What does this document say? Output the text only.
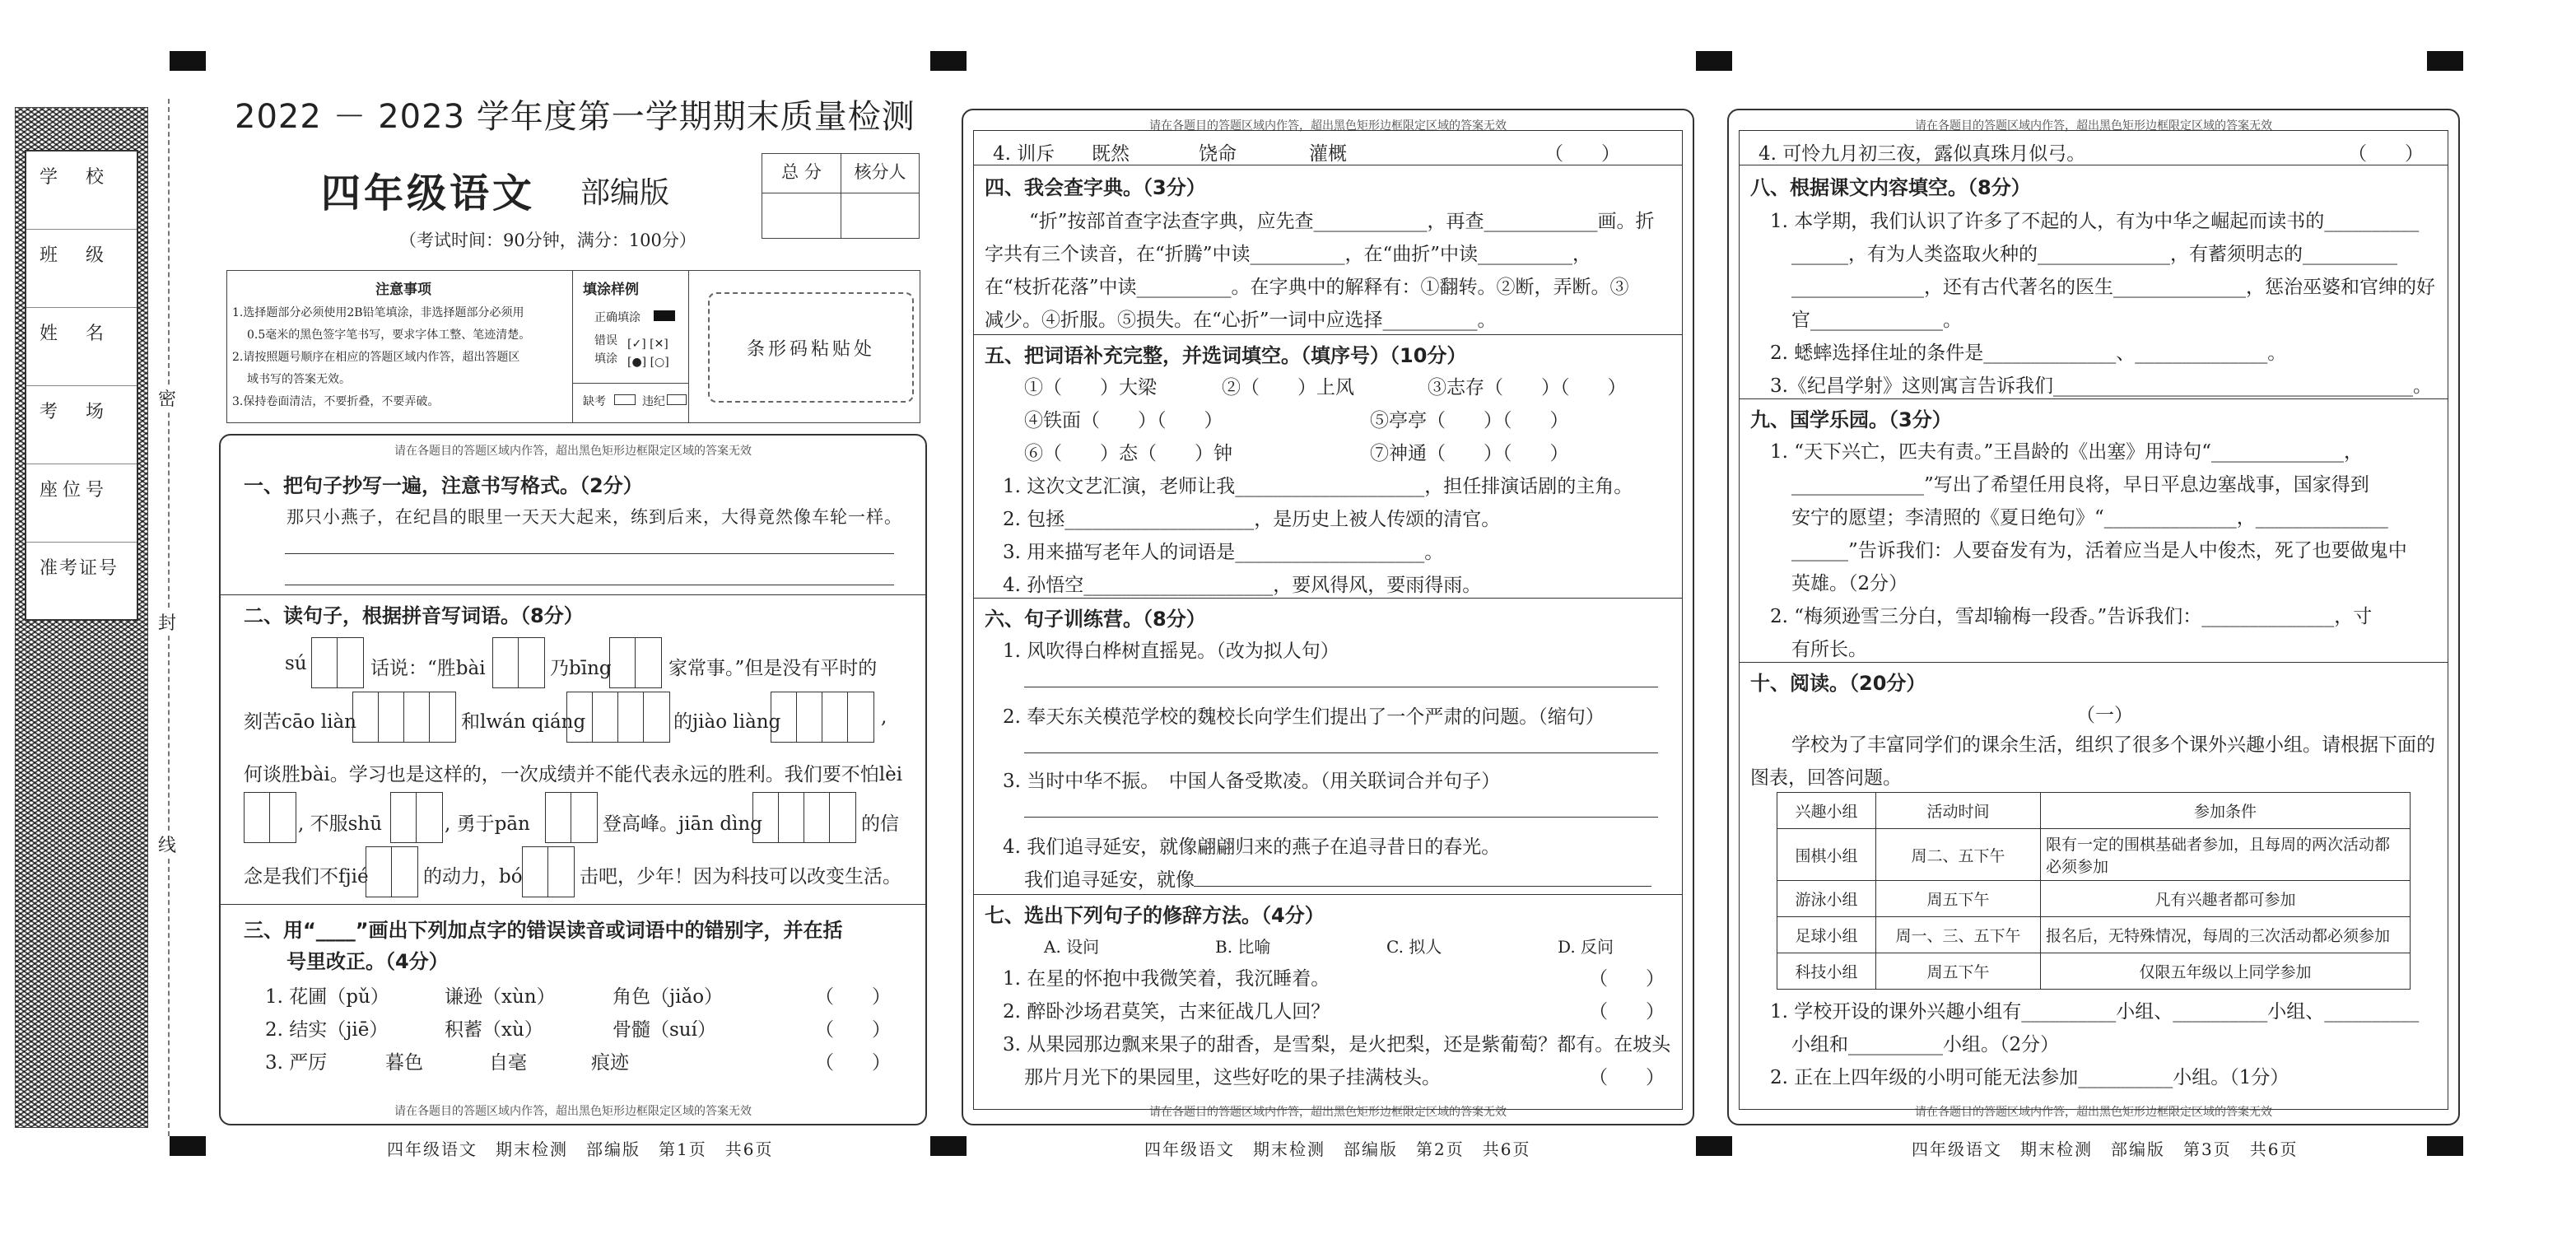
学　校
班　级
姓　名
考　场
座位号
准考证号
密
封
线
2022 － 2023 学年度第一学期期末质量检测
四年级语文 部编版
（考试时间：90分钟，满分：100分）
总 分	核分人
注意事项
1.选择题部分必须使用2B铅笔填涂，非选择题部分必须用
0.5毫米的黑色签字笔书写，要求字体工整、笔迹清楚。
2.请按照题号顺序在相应的答题区域内作答，超出答题区
域书写的答案无效。
3.保持卷面清洁，不要折叠，不要弄破。
填涂样例
正确填涂
错误填涂
[✓] [✕]
[●] [○]
缺考	违纪
条形码粘贴处
请在各题目的答题区域内作答，超出黑色矩形边框限定区域的答案无效
请在各题目的答题区域内作答，超出黑色矩形边框限定区域的答案无效
一、把句子抄写一遍，注意书写格式。（2分）
那只小燕子，在纪昌的眼里一天天大起来，练到后来，大得竟然像车轮一样。
二、读句子，根据拼音写词语。（8分）
sú	话说：“胜bài	乃bīng	家常事。”但是没有平时的
刻苦cāo liàn	和lwán qiáng	的jiào liàng	,
何谈胜bài。学习也是这样的，一次成绩并不能代表永远的胜利。我们要不怕lèi
, 不服shū	, 勇于pān	登高峰。jiān dìng	的信
念是我们不fjié	的动力，bó	击吧，少年！因为科技可以改变生活。
三、用“____”画出下列加点字的错误读音或词语中的错别字，并在括
号里改正。（4分）
1. 花圃（pǔ）	谦逊（xùn）	角色（jiǎo）	（　　）
2. 结实（jiē）	积蓄（xù）	骨髓（suí）	（　　）
3. 严厉	暮色	自毫	痕迹	（　　）
请在各题目的答题区域内作答，超出黑色矩形边框限定区域的答案无效
请在各题目的答题区域内作答，超出黑色矩形边框限定区域的答案无效
4. 训斥 既然	饶命	灌概	（　　）
四、我会查字典。（3分）
“折”按部首查字法查字典，应先查____________，再查____________画。折
字共有三个读音，在“折腾”中读__________，在“曲折”中读__________，
在“枝折花落”中读__________。在字典中的解释有：①翻转。②断，弄断。③
减少。④折服。⑤损失。在“心折”一词中应选择__________。
五、把词语补充完整，并选词填空。（填序号）（10分）
①（　　）大梁	②（　　）上风	③志存（　　）（　　）
④铁面（　　）（　　）	⑤亭亭（　　）（　　）
⑥（　　）态（　　）钟	⑦神通（　　）（　　）
1. 这次文艺汇演，老师让我____________________，担任排演话剧的主角。
2. 包拯____________________，是历史上被人传颂的清官。
3. 用来描写老年人的词语是____________________。
4. 孙悟空____________________，要风得风，要雨得雨。
六、句子训练营。（8分）
1. 风吹得白桦树直摇晃。（改为拟人句）
2. 奉天东关模范学校的魏校长向学生们提出了一个严肃的问题。（缩句）
3. 当时中华不振。　中国人备受欺凌。（用关联词合并句子）
4. 我们追寻延安，就像翩翩归来的燕子在追寻昔日的春光。
我们追寻延安，就像
七、选出下列句子的修辞方法。（4分）
A. 设问	B. 比喻	C. 拟人	D. 反问
1. 在星的怀抱中我微笑着，我沉睡着。	（　　）
2. 醉卧沙场君莫笑，古来征战几人回？	（　　）
3. 从果园那边飘来果子的甜香，是雪梨，是火把梨，还是紫葡萄？都有。在坡头
那片月光下的果园里，这些好吃的果子挂满枝头。	（　　）
请在各题目的答题区域内作答，超出黑色矩形边框限定区域的答案无效
请在各题目的答题区域内作答，超出黑色矩形边框限定区域的答案无效
4. 可怜九月初三夜，露似真珠月似弓。	（　　）
八、根据课文内容填空。（8分）
1. 本学期，我们认识了许多了不起的人，有为中华之崛起而读书的__________
______，有为人类盗取火种的______________，有蓄须明志的__________
______________，还有古代著名的医生______________，惩治巫婆和官绅的好
官______________。
2. 蟋蟀选择住址的条件是______________、______________。
3.《纪昌学射》这则寓言告诉我们______________________________________。
九、国学乐园。（3分）
1. “天下兴亡，匹夫有责。”王昌龄的《出塞》用诗句“______________，
______________”写出了希望任用良将，早日平息边塞战事，国家得到
安宁的愿望；李清照的《夏日绝句》“______________，______________
______”告诉我们：人要奋发有为，活着应当是人中俊杰，死了也要做鬼中
英雄。（2分）
2. “梅须逊雪三分白，雪却输梅一段香。”告诉我们：______________，寸
有所长。
十、阅读。（20分）
（一）
学校为了丰富同学们的课余生活，组织了很多个课外兴趣小组。请根据下面的
图表，回答问题。
兴趣小组	活动时间	参加条件
围棋小组	周二、五下午	限有一定的围棋基础者参加，且每周的两次活动都必须参加
游泳小组	周五下午	凡有兴趣者都可参加
足球小组	周一、三、五下午	报名后，无特殊情况，每周的三次活动都必须参加
科技小组	周五下午	仅限五年级以上同学参加
1. 学校开设的课外兴趣小组有__________小组、__________小组、__________
小组和__________小组。（2分）
2. 正在上四年级的小明可能无法参加__________小组。（1分）
四年级语文　期末检测　部编版　第1页　共6页	四年级语文　期末检测　部编版　第2页　共6页	四年级语文　期末检测　部编版　第3页　共6页
